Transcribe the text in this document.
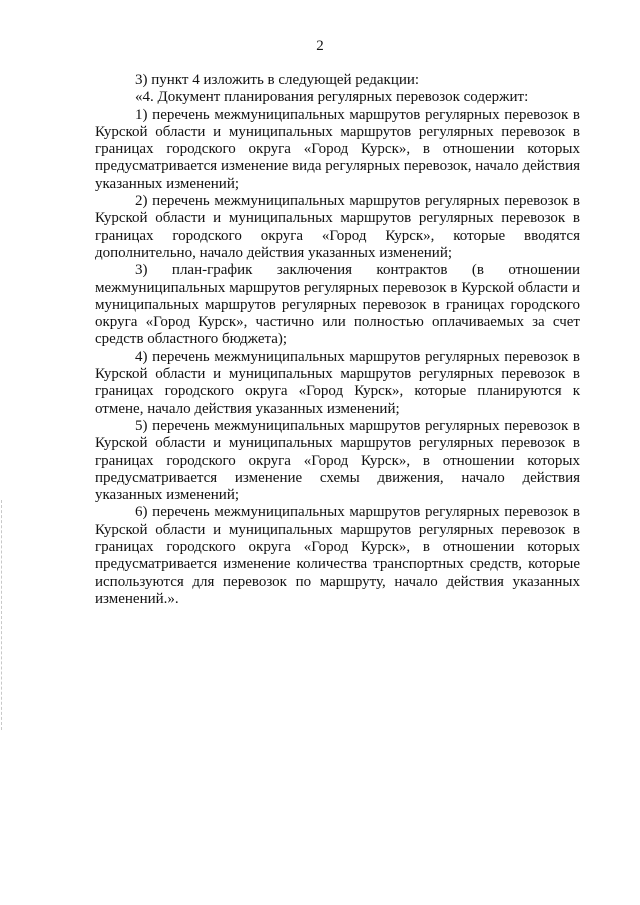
2

3) пункт 4 изложить в следующей редакции:

«4. Документ планирования регулярных перевозок содержит:

1) перечень межмуниципальных маршрутов регулярных перевозок в Курской области и муниципальных маршрутов регулярных перевозок в границах городского округа «Город Курск», в отношении которых предусматривается изменение вида регулярных перевозок, начало действия указанных изменений;

2) перечень межмуниципальных маршрутов регулярных перевозок в Курской области и муниципальных маршрутов регулярных перевозок в границах городского округа «Город Курск», которые вводятся дополнительно, начало действия указанных изменений;

3) план-график заключения контрактов (в отношении межмуниципальных маршрутов регулярных перевозок в Курской области и муниципальных маршрутов регулярных перевозок в границах городского округа «Город Курск», частично или полностью оплачиваемых за счет средств областного бюджета);

4) перечень межмуниципальных маршрутов регулярных перевозок в Курской области и муниципальных маршрутов регулярных перевозок в границах городского округа «Город Курск», которые планируются к отмене, начало действия указанных изменений;

5) перечень межмуниципальных маршрутов регулярных перевозок в Курской области и муниципальных маршрутов регулярных перевозок в границах городского округа «Город Курск», в отношении которых предусматривается изменение схемы движения, начало действия указанных изменений;

6) перечень межмуниципальных маршрутов регулярных перевозок в Курской области и муниципальных маршрутов регулярных перевозок в границах городского округа «Город Курск», в отношении которых предусматривается изменение количества транспортных средств, которые используются для перевозок по маршруту, начало действия указанных изменений.».
